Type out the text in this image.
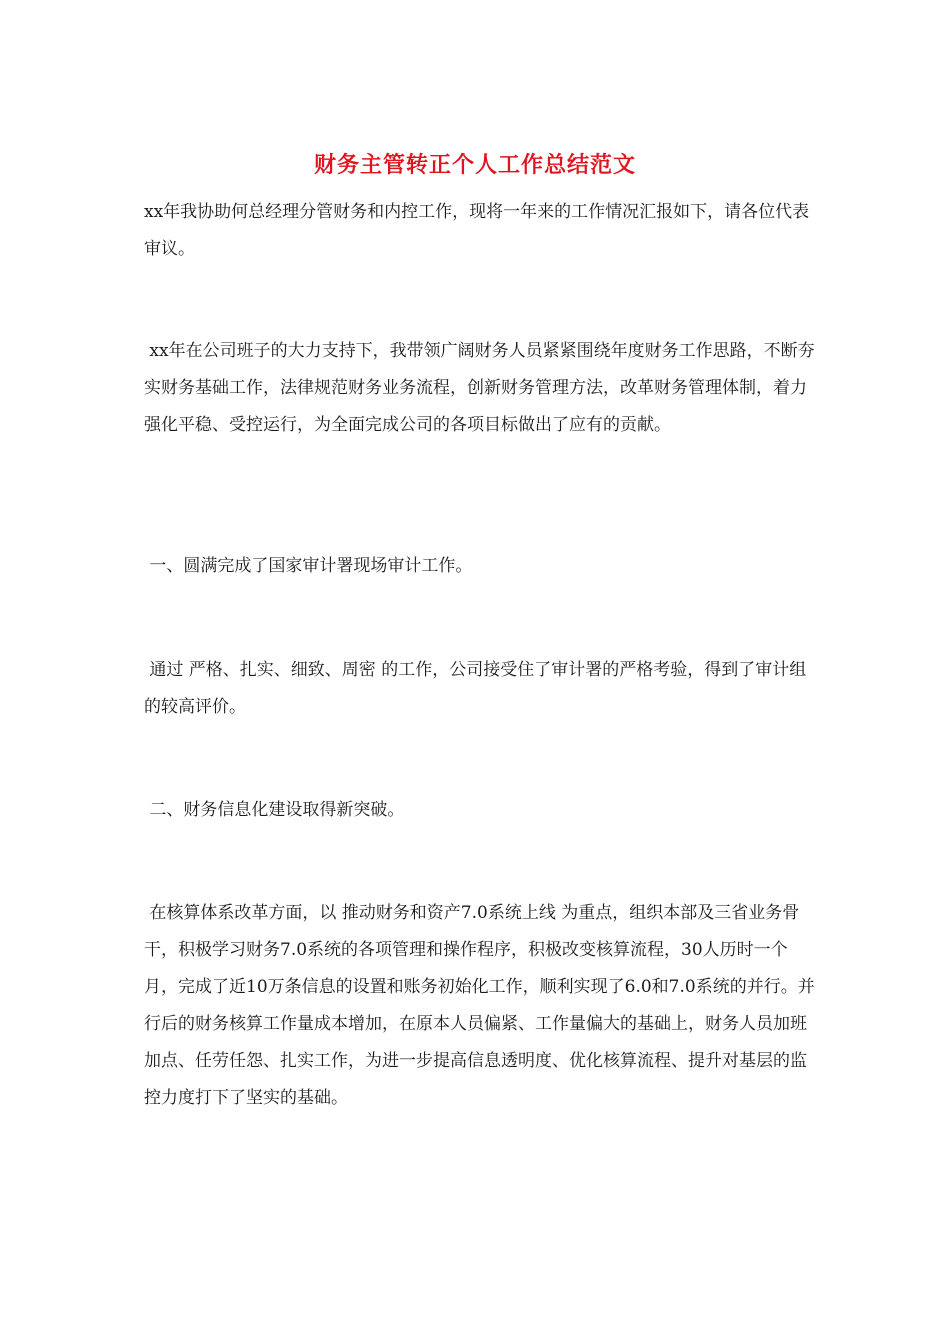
财务主管转正个人工作总结范文

xx年我协助何总经理分管财务和内控工作，现将一年来的工作情况汇报如下，请各位代表审议。

xx年在公司班子的大力支持下，我带领广阔财务人员紧紧围绕年度财务工作思路，不断夯实财务基础工作，法律规范财务业务流程，创新财务管理方法，改革财务管理体制，着力强化平稳、受控运行，为全面完成公司的各项目标做出了应有的贡献。

一、圆满完成了国家审计署现场审计工作。

通过 严格、扎实、细致、周密 的工作，公司接受住了审计署的严格考验，得到了审计组的较高评价。

二、财务信息化建设取得新突破。

在核算体系改革方面，以 推动财务和资产7.0系统上线 为重点，组织本部及三省业务骨干，积极学习财务7.0系统的各项管理和操作程序，积极改变核算流程，30人历时一个月，完成了近10万条信息的设置和账务初始化工作，顺利实现了6.0和7.0系统的并行。并行后的财务核算工作量成本增加，在原本人员偏紧、工作量偏大的基础上，财务人员加班加点、任劳任怨、扎实工作，为进一步提高信息透明度、优化核算流程、提升对基层的监控力度打下了坚实的基础。
